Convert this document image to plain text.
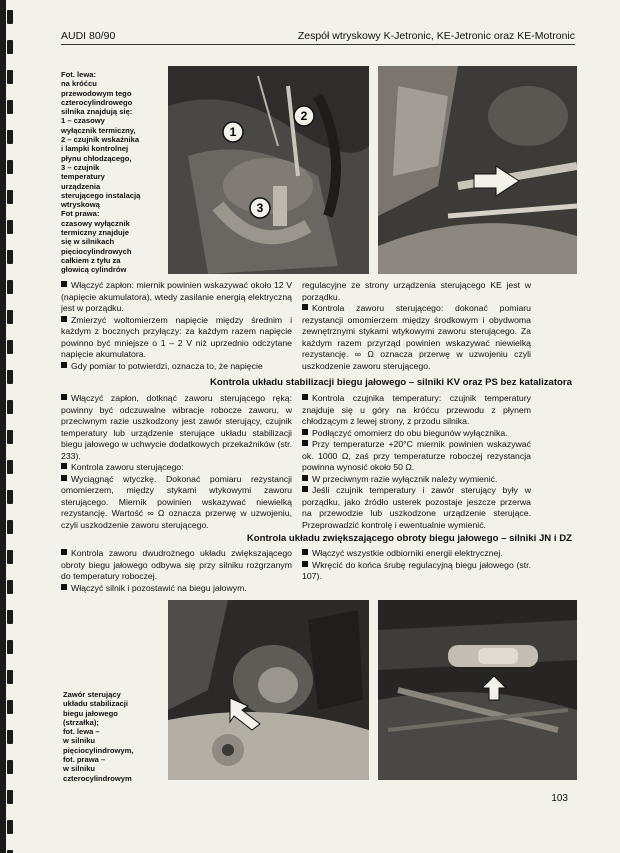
AUDI 80/90	Zespół wtryskowy K-Jetronic, KE-Jetronic oraz KE-Motronic
Fot. lewa:
na króćcu
przewodowym tego
czterocylindrowego
silnika znajdują się:
1 – czasowy
wyłącznik termiczny,
2 – czujnik wskaźnika
i lampki kontrolnej
płynu chłodzącego,
3 – czujnik
temperatury
urządzenia
sterującego instalacją
wtryskową
Fot prawa:
czasowy wyłącznik
termiczny znajduje
się w silnikach
pięciocylindrowych
całkiem z tyłu za
głowicą cylindrów
1
2
3

Włączyć zapłon: miernik powinien wskazywać około 12 V (napięcie akumulatora), wtedy zasilanie energią elektryczną jest w porządku.

Zmierzyć woltomierzem napięcie między średnim i każdym z bocznych przyłączy: za każdym razem napięcie powinno być mniejsze o 1 – 2 V niż uprzednio odczytane napięcie akumulatora.

Gdy pomiar to potwierdzi, oznacza to, że napięcie

regulacyjne ze strony urządzenia sterującego KE jest w porządku.

Kontrola zaworu sterującego: dokonać pomiaru rezystancji omomierzem między środkowym i obydwoma zewnętrznymi stykami wtykowymi zaworu sterującego. Za każdym razem przyrząd powinien wskazywać niewielką rezystancję. ∞ Ω oznacza przerwę w uzwojeniu czyli uszkodzenie zaworu sterującego.

Kontrola układu stabilizacji biegu jałowego – silniki KV oraz PS bez katalizatora

Włączyć zapłon, dotknąć zaworu sterującego ręką: powinny być odczuwalne wibracje robocze zaworu, w przeciwnym razie uszkodzony jest zawór sterujący, czujnik temperatury lub urządzenie sterujące układu stabilizacji biegu jałowego w uchwycie dodatkowych przekaźników (str. 233).

Kontrola zaworu sterującego:

Wyciągnąć wtyczkę. Dokonać pomiaru rezystancji omomierzem, między stykami wtykowymi zaworu sterującego. Miernik powinien wskazywać niewielką rezystancję. Wartość ∞ Ω oznacza przerwę w uzwojeniu, czyli uszkodzenie zaworu sterującego.

Kontrola czujnika temperatury: czujnik temperatury znajduje się u góry na króćcu przewodu z płynem chłodzącym z lewej strony, z przodu silnika.

Podłączyć omomierz do obu biegunów wyłącznika.

Przy temperaturze +20°C miernik powinien wskazywać ok. 1000 Ω, zaś przy temperaturze roboczej rezystancja powinna wynosić około 50 Ω.

W przeciwnym razie wyłącznik należy wymienić.

Jeśli czujnik temperatury i zawór sterujący były w porządku, jako źródło usterek pozostaje jeszcze przerwa na przewodzie lub uszkodzone urządzenie sterujące. Przeprowadzić kontrolę i ewentualnie wymienić.

Kontrola układu zwiększającego obroty biegu jałowego – silniki JN i DZ

Kontrola zaworu dwudrożnego układu zwiększającego obroty biegu jałowego odbywa się przy silniku rozgrzanym do temperatury roboczej.

Włączyć silnik i pozostawić na biegu jałowym.

Włączyć wszystkie odbiorniki energii elektrycznej.

Wkręcić do końca śrubę regulacyjną biegu jałowego (str. 107).

Zawór sterujący
układu stabilizacji
biegu jałowego
(strzałka);
fot. lewa –
w silniku
pięciocylindrowym,
fot. prawa –
w silniku
czterocylindrowym
103
